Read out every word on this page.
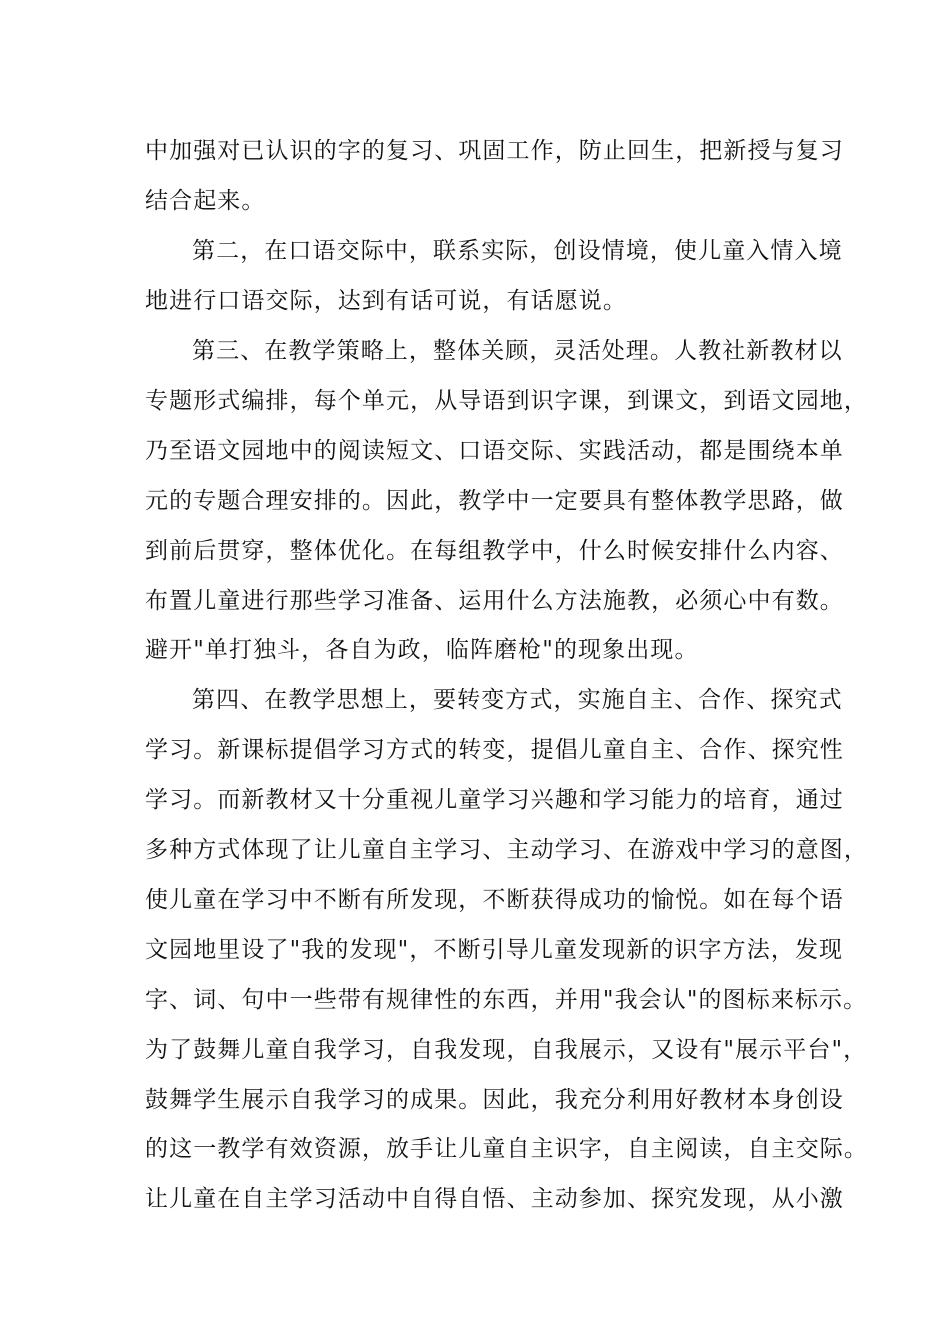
中加强对已认识的字的复习、巩固工作，防止回生，把新授与复习
结合起来。
第二，在口语交际中，联系实际，创设情境，使儿童入情入境
地进行口语交际，达到有话可说，有话愿说。
第三、在教学策略上，整体关顾，灵活处理。人教社新教材以
专题形式编排，每个单元，从导语到识字课，到课文，到语文园地，
乃至语文园地中的阅读短文、口语交际、实践活动，都是围绕本单
元的专题合理安排的。因此，教学中一定要具有整体教学思路，做
到前后贯穿，整体优化。在每组教学中，什么时候安排什么内容、
布置儿童进行那些学习准备、运用什么方法施教，必须心中有数。
避开"单打独斗，各自为政，临阵磨枪"的现象出现。
第四、在教学思想上，要转变方式，实施自主、合作、探究式
学习。新课标提倡学习方式的转变，提倡儿童自主、合作、探究性
学习。而新教材又十分重视儿童学习兴趣和学习能力的培育，通过
多种方式体现了让儿童自主学习、主动学习、在游戏中学习的意图，
使儿童在学习中不断有所发现，不断获得成功的愉悦。如在每个语
文园地里设了"我的发现"，不断引导儿童发现新的识字方法，发现
字、词、句中一些带有规律性的东西，并用"我会认"的图标来标示。
为了鼓舞儿童自我学习，自我发现，自我展示，又设有"展示平台"，
鼓舞学生展示自我学习的成果。因此，我充分利用好教材本身创设
的这一教学有效资源，放手让儿童自主识字，自主阅读，自主交际。
让儿童在自主学习活动中自得自悟、主动参加、探究发现，从小激
